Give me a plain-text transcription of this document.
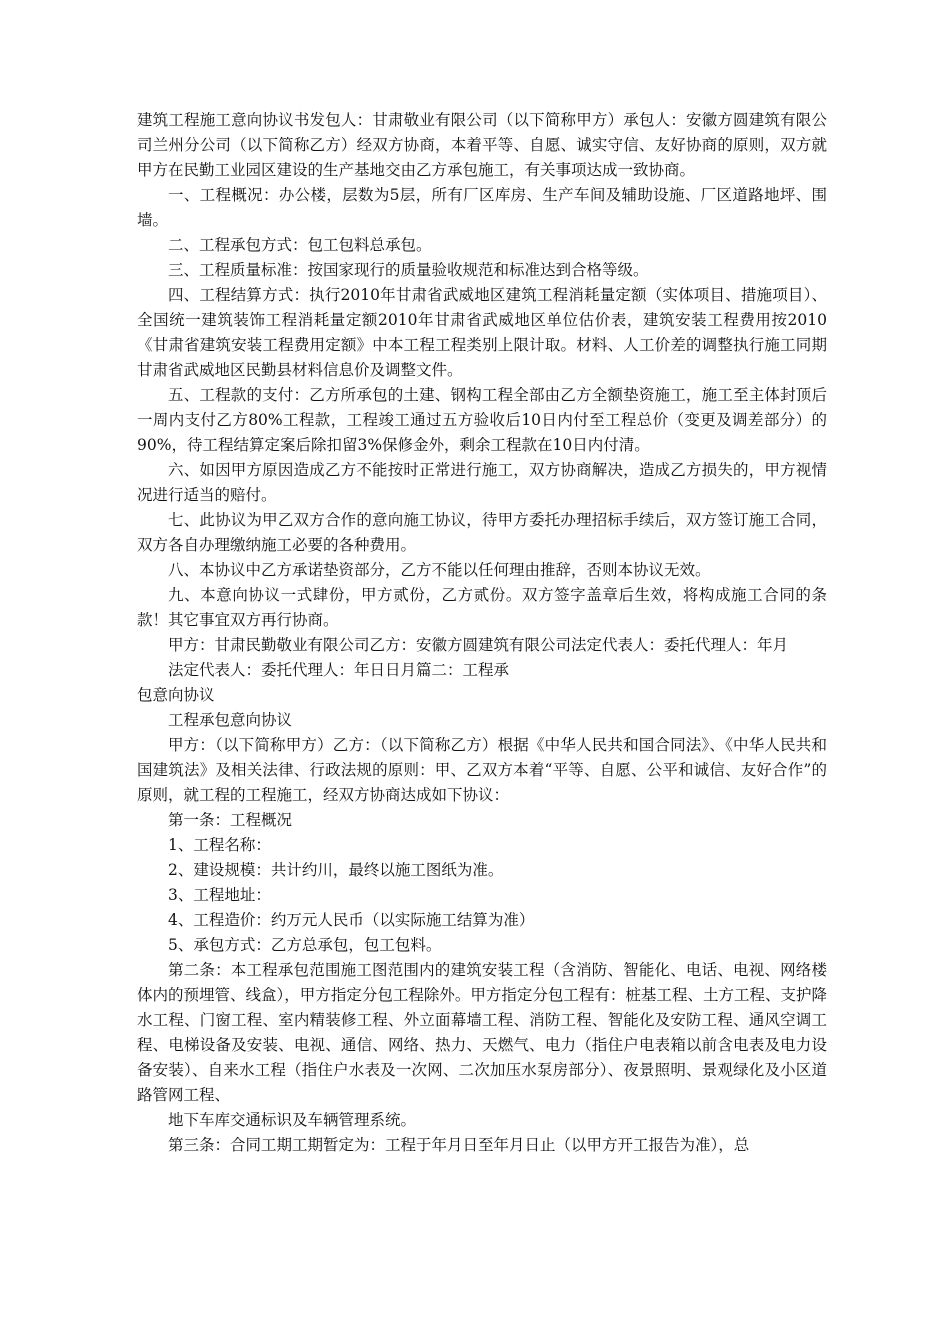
建筑工程施工意向协议书发包人：甘肃敬业有限公司（以下简称甲方）承包人：安徽方圆建筑有限公司兰州分公司（以下简称乙方）经双方协商，本着平等、自愿、诚实守信、友好协商的原则，双方就甲方在民勤工业园区建设的生产基地交由乙方承包施工，有关事项达成一致协商。

一、工程概况：办公楼，层数为5层，所有厂区库房、生产车间及辅助设施、厂区道路地坪、围墙。

二、工程承包方式：包工包料总承包。

三、工程质量标准：按国家现行的质量验收规范和标准达到合格等级。

四、工程结算方式：执行2010年甘肃省武威地区建筑工程消耗量定额（实体项目、措施项目）、全国统一建筑装饰工程消耗量定额2010年甘肃省武威地区单位估价表，建筑安装工程费用按2010《甘肃省建筑安装工程费用定额》中本工程工程类别上限计取。材料、人工价差的调整执行施工同期甘肃省武威地区民勤县材料信息价及调整文件。

五、工程款的支付：乙方所承包的土建、钢构工程全部由乙方全额垫资施工，施工至主体封顶后一周内支付乙方80%工程款，工程竣工通过五方验收后10日内付至工程总价（变更及调差部分）的90%，待工程结算定案后除扣留3%保修金外，剩余工程款在10日内付清。

六、如因甲方原因造成乙方不能按时正常进行施工，双方协商解决，造成乙方损失的，甲方视情况进行适当的赔付。

七、此协议为甲乙双方合作的意向施工协议，待甲方委托办理招标手续后，双方签订施工合同，双方各自办理缴纳施工必要的各种费用。

八、本协议中乙方承诺垫资部分，乙方不能以任何理由推辞，否则本协议无效。

九、本意向协议一式肆份，甲方贰份，乙方贰份。双方签字盖章后生效，将构成施工合同的条款！其它事宜双方再行协商。

甲方：甘肃民勤敬业有限公司乙方：安徽方圆建筑有限公司法定代表人：委托代理人：年月

法定代表人：委托代理人：年日日月篇二：工程承

包意向协议

工程承包意向协议

甲方：（以下简称甲方）乙方：（以下简称乙方）根据《中华人民共和国合同法》、《中华人民共和国建筑法》及相关法律、行政法规的原则：甲、乙双方本着“平等、自愿、公平和诚信、友好合作”的原则，就工程的工程施工，经双方协商达成如下协议：

第一条：工程概况

1、工程名称：

2、建设规模：共计约川，最终以施工图纸为准。

3、工程地址：

4、工程造价：约万元人民币（以实际施工结算为准）

5、承包方式：乙方总承包，包工包料。

第二条：本工程承包范围施工图范围内的建筑安装工程（含消防、智能化、电话、电视、网络楼体内的预埋管、线盒），甲方指定分包工程除外。甲方指定分包工程有：桩基工程、土方工程、支护降水工程、门窗工程、室内精装修工程、外立面幕墙工程、消防工程、智能化及安防工程、通风空调工程、电梯设备及安装、电视、通信、网络、热力、天燃气、电力（指住户电表箱以前含电表及电力设备安装）、自来水工程（指住户水表及一次网、二次加压水泵房部分）、夜景照明、景观绿化及小区道路管网工程、

地下车库交通标识及车辆管理系统。

第三条：合同工期工期暂定为：工程于年月日至年月日止（以甲方开工报告为准），总
